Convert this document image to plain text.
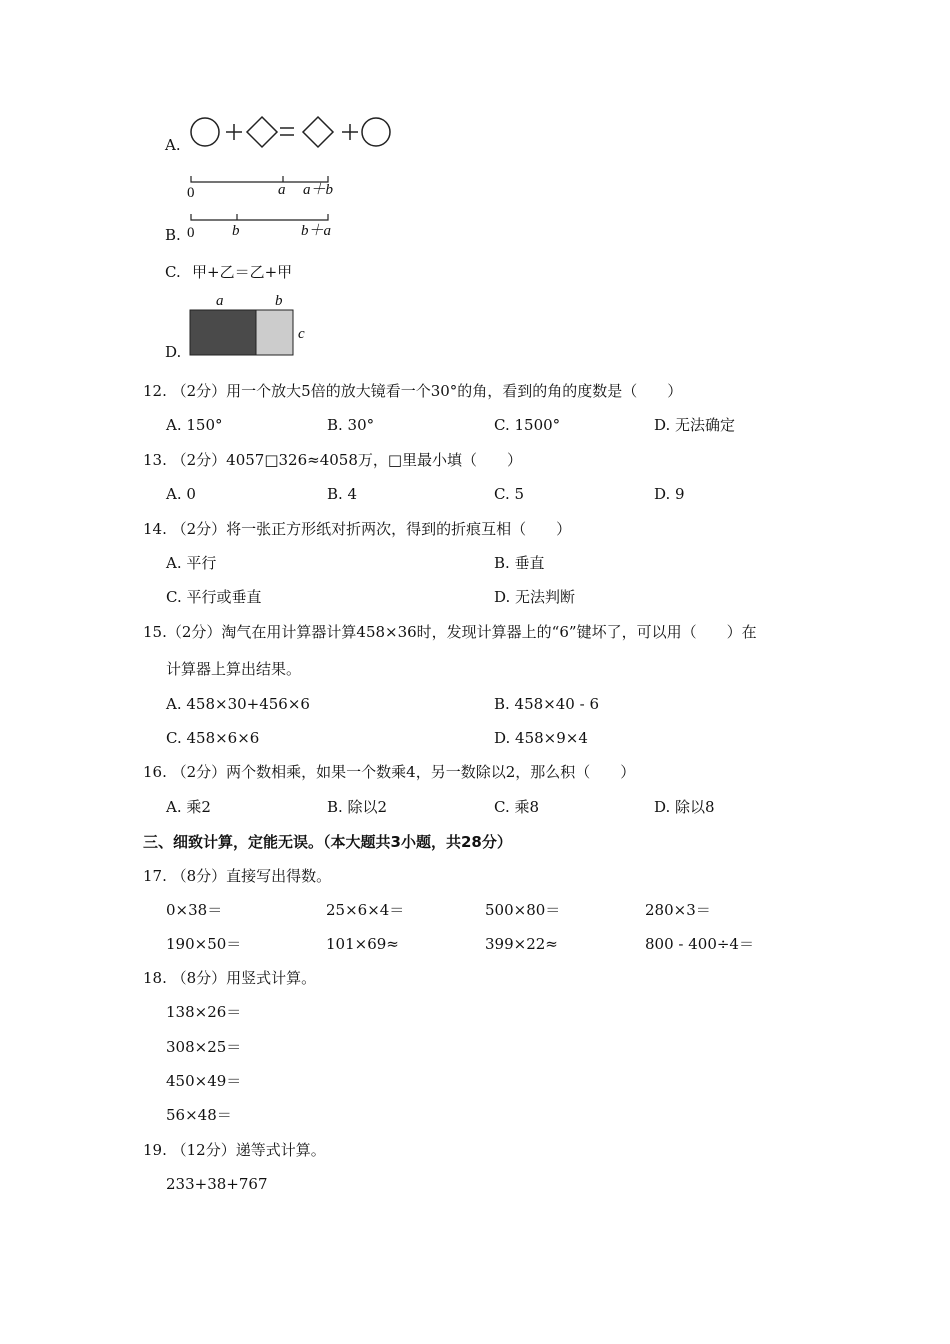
A.
0	a a＋b
0	b	b＋a
B.
C. 甲+乙＝乙+甲
a	b
c
D.
12. （2分）用一个放大5倍的放大镜看一个30°的角，看到的角的度数是（　　）
A. 150°	B. 30°	C. 1500°	D. 无法确定
13. （2分）4057□326≈4058万，□里最小填（　　）
A. 0	B. 4	C. 5	D. 9
14. （2分）将一张正方形纸对折两次，得到的折痕互相（　　）
A. 平行	B. 垂直
C. 平行或垂直	D. 无法判断
15.（2分）淘气在用计算器计算458×36时，发现计算器上的“6”键坏了，可以用（　　）在
计算器上算出结果。
A. 458×30+456×6	B. 458×40 - 6
C. 458×6×6	D. 458×9×4
16. （2分）两个数相乘，如果一个数乘4，另一数除以2，那么积（　　）
A. 乘2	B. 除以2	C. 乘8	D. 除以8
三、细致计算，定能无误。（本大题共3小题，共28分）
17. （8分）直接写出得数。
0×38＝	25×6×4＝	500×80＝	280×3＝
190×50＝	101×69≈	399×22≈	800 - 400÷4＝
18. （8分）用竖式计算。
138×26＝
308×25＝
450×49＝
56×48＝
19. （12分）递等式计算。
233+38+767
